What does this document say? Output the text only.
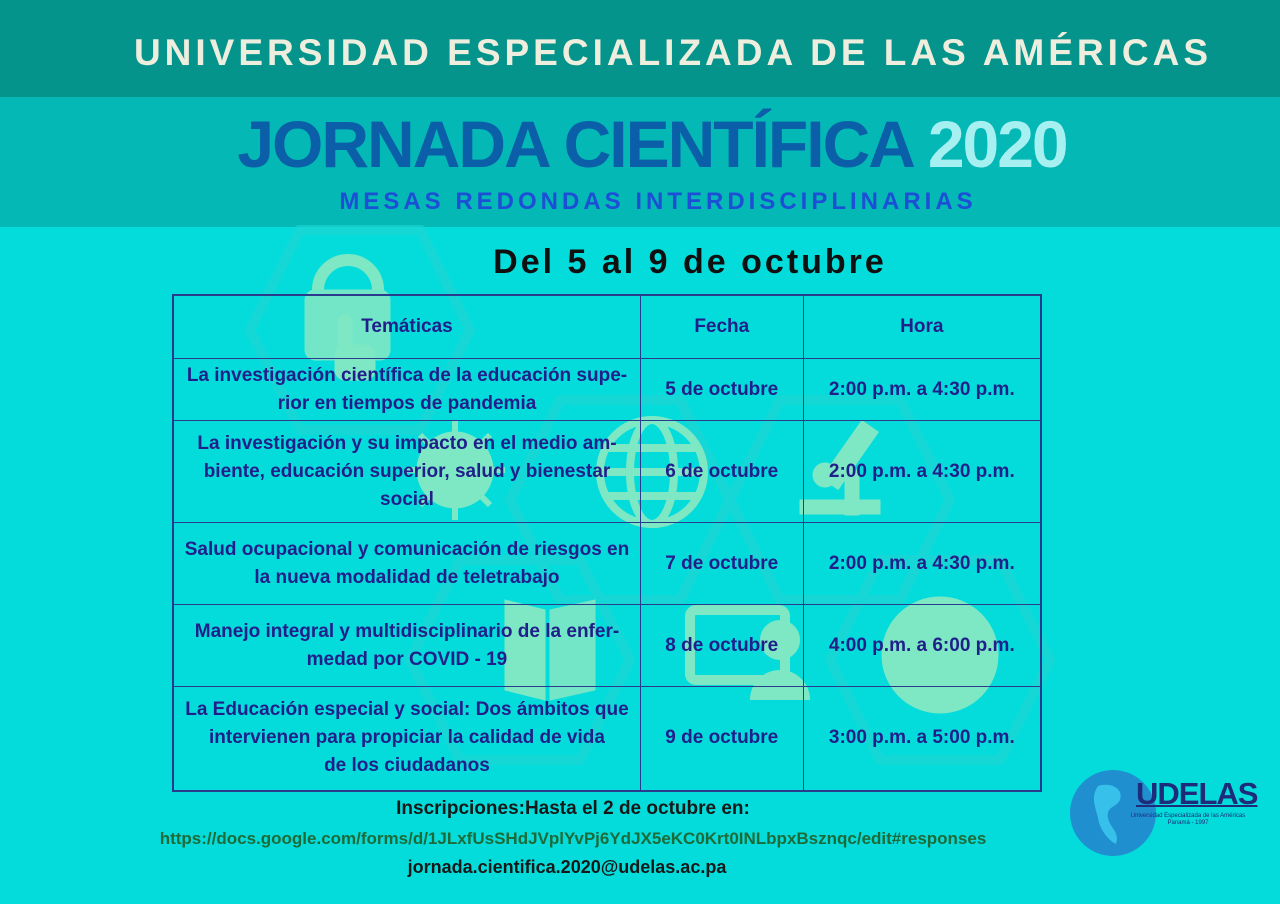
UNIVERSIDAD ESPECIALIZADA DE LAS AMÉRICAS
JORNADA CIENTÍFICA 2020
MESAS REDONDAS INTERDISCIPLINARIAS
Del 5 al 9 de octubre
Temáticas	Fecha	Hora
La investigación científica de la educación supe-
rior en tiempos de pandemia	5 de octubre	2:00 p.m. a 4:30 p.m.
La investigación y su impacto en el medio am-
biente, educación superior, salud y bienestar
social	6 de octubre	2:00 p.m. a 4:30 p.m.
Salud ocupacional y comunicación de riesgos en
la nueva modalidad de teletrabajo	7 de octubre	2:00 p.m. a 4:30 p.m.
Manejo integral y multidisciplinario de la enfer-
medad por COVID - 19	8 de octubre	4:00 p.m. a 6:00 p.m.
La Educación especial y social: Dos ámbitos que
intervienen para propiciar la calidad de vida
de los ciudadanos	9 de octubre	3:00 p.m. a 5:00 p.m.
Inscripciones:Hasta el 2 de octubre en:
https://docs.google.com/forms/d/1JLxfUsSHdJVplYvPj6YdJX5eKC0Krt0INLbpxBsznqc/edit#responses
jornada.cientifica.2020@udelas.ac.pa
UDELAS
Universidad Especializada de las Américas
Panamá - 1997
